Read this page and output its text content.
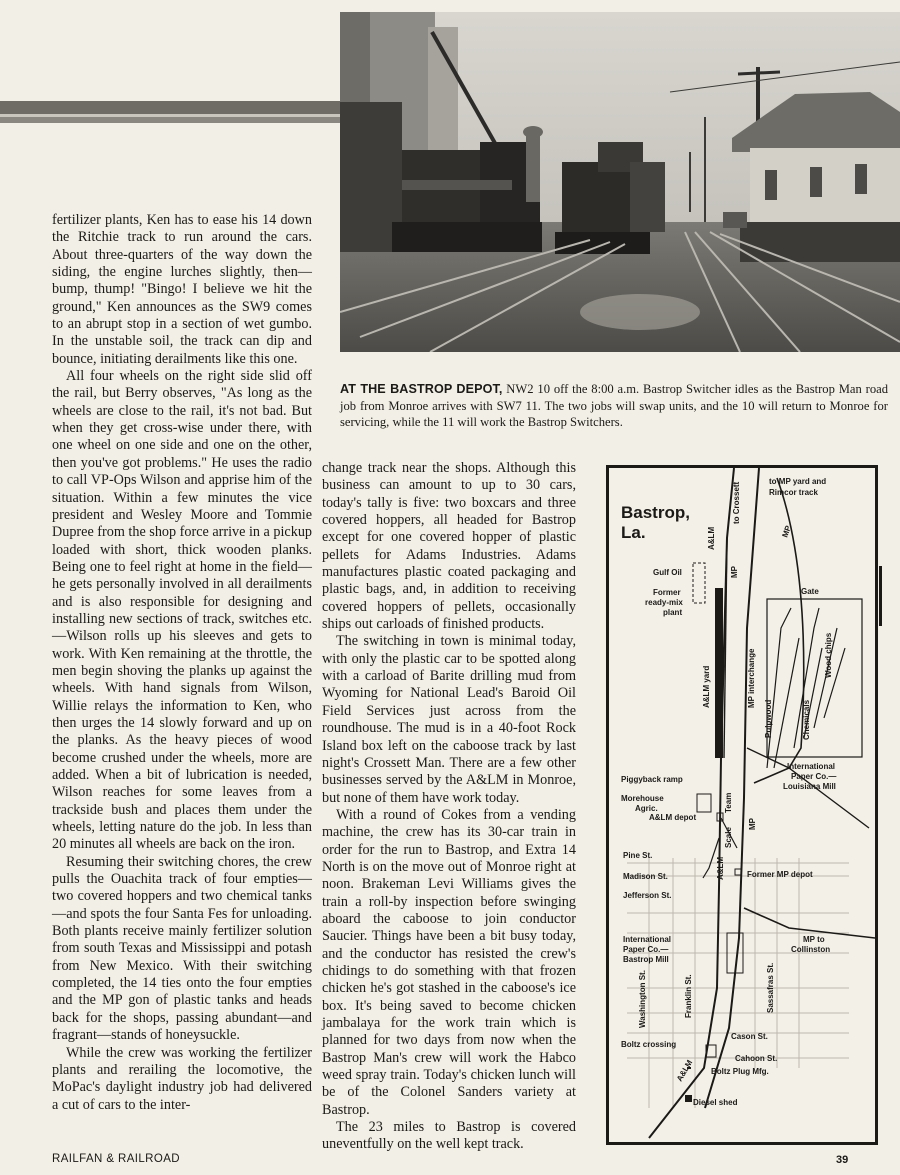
AT THE BASTROP DEPOT, NW2 10 off the 8:00 a.m. Bastrop Switcher idles as the Bastrop Man road job from Monroe arrives with SW7 11. The two jobs will swap units, and the 10 will return to Monroe for servicing, while the 11 will work the Bastrop Switchers.

fertilizer plants, Ken has to ease his 14 down the Ritchie track to run around the cars. About three-quarters of the way down the siding, the engine lurches slightly, then—bump, thump! "Bingo! I believe we hit the ground," Ken announces as the SW9 comes to an abrupt stop in a section of wet gumbo. In the unstable soil, the track can dip and bounce, initiating derailments like this one.

All four wheels on the right side slid off the rail, but Berry observes, "As long as the wheels are close to the rail, it's not bad. But when they get cross-wise under there, with one wheel on one side and one on the other, then you've got problems." He uses the radio to call VP-Ops Wilson and apprise him of the situation. Within a few minutes the vice president and Wesley Moore and Tommie Dupree from the shop force arrive in a pickup loaded with short, thick wooden planks. Being one to feel right at home in the field—he gets personally involved in all derailments and is also responsible for designing and installing new sections of track, switches etc.—Wilson rolls up his sleeves and gets to work. With Ken remaining at the throttle, the men begin shoving the planks up against the wheels. With hand signals from Wilson, Willie relays the information to Ken, who then urges the 14 slowly forward and up on the planks. As the heavy pieces of wood become crushed under the wheels, more are added. When a bit of lubrication is needed, Wilson reaches for some leaves from a trackside bush and places them under the wheels, letting nature do the job. In less than 20 minutes all wheels are back on the iron.

Resuming their switching chores, the crew pulls the Ouachita track of four empties—two covered hoppers and two chemical tanks—and spots the four Santa Fes for unloading. Both plants receive mainly fertilizer solution from south Texas and Mississippi and potash from New Mexico. With their switching completed, the 14 ties onto the four empties and the MP gon of plastic tanks and heads back for the shops, passing abundant—and fragrant—stands of honeysuckle.

While the crew was working the fertilizer plants and rerailing the locomotive, the MoPac's daylight industry job had delivered a cut of cars to the inter-

change track near the shops. Although this business can amount to up to 30 cars, today's tally is five: two boxcars and three covered hoppers, all headed for Bastrop except for one covered hopper of plastic pellets for Adams Industries. Adams manufactures plastic coated packaging and plastic bags, and, in addition to receiving covered hoppers of pellets, occasionally ships out carloads of finished products.

The switching in town is minimal today, with only the plastic car to be spotted along with a carload of Barite drilling mud from Wyoming for National Lead's Baroid Oil Field Services just across from the roundhouse. The mud is in a 40-foot Rock Island box left on the caboose track by last night's Crossett Man. There are a few other businesses served by the A&LM in Monroe, but none of them have work today.

With a round of Cokes from a vending machine, the crew has its 30-car train in order for the run to Bastrop, and Extra 14 North is on the move out of Monroe right at noon. Brakeman Levi Williams gives the train a roll-by inspection before swinging aboard the caboose to join conductor Saucier. Things have been a bit busy today, and the conductor has resisted the crew's chidings to do something with that frozen chicken he's got stashed in the caboose's ice box. It's being saved to become chicken jambalaya for the work train which is planned for two days from now when the Bastrop Man's crew will work the Habco weed spray train. Today's chicken lunch will be of the Colonel Sanders variety at Bastrop.

The 23 miles to Bastrop is covered uneventfully on the well kept track.

Bastrop,
La.
to Crossett
to MP yard and
Rimcor track
A&LM
MP
MP
Gulf Oil
Former
ready-mix
plant
Gate
A&LM yard	MP interchange
Pulpwood	Chemicals
Wood chips
Piggyback ramp
International
Paper Co.—
Louisiana Mill
Morehouse
Agric.
A&LM depot
Scale
Team
MP
Pine St.
Madison St.	A&LM	Former MP depot
Jefferson St.
International
Paper Co.—
Bastrop Mill
MP to
Collinston
Washington St.	Franklin St.	Sassafras St.
Cason St.
Boltz crossing
Cahoon St.
Boltz Plug Mfg.
A&LM
Diesel shed
RAILFAN & RAILROAD	39
